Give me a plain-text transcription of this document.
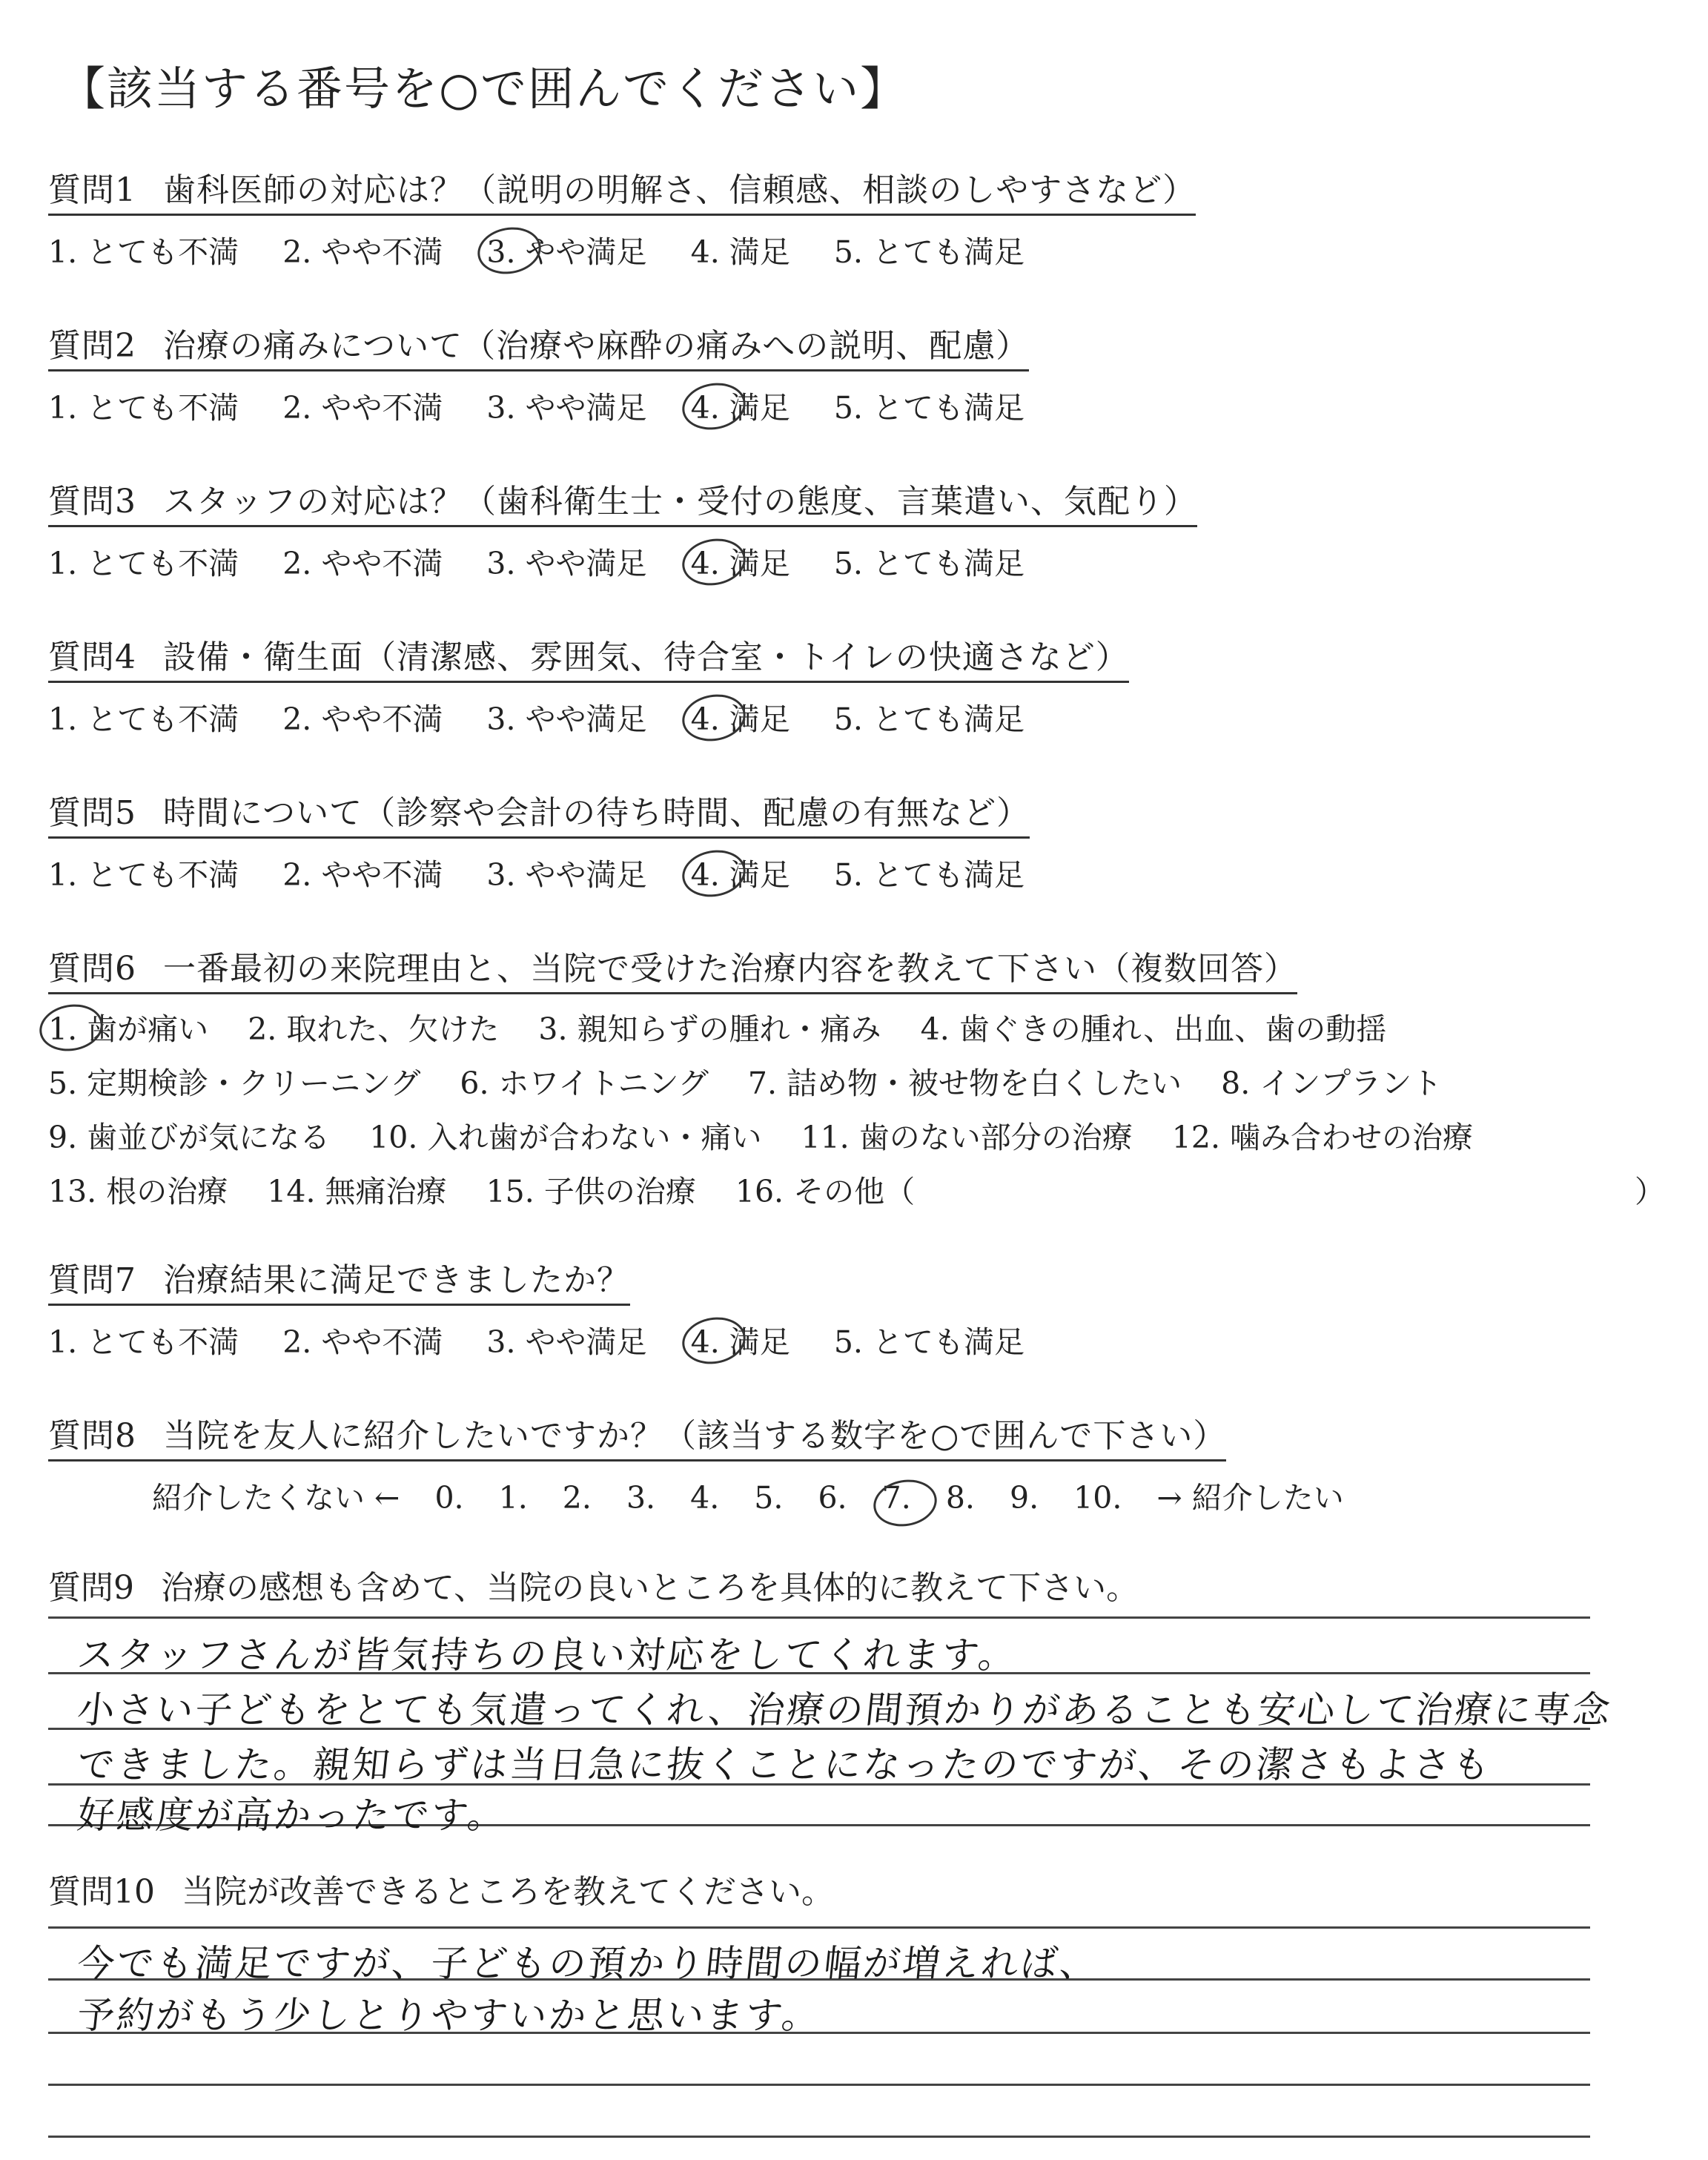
【該当する番号を○で囲んでください】
質問1 歯科医師の対応は？（説明の明解さ、信頼感、相談のしやすさなど）
1. とても不満 2. やや不満 3. やや満足 4. 満足 5. とても満足
質問2 治療の痛みについて（治療や麻酔の痛みへの説明、配慮）
1. とても不満 2. やや不満 3. やや満足 4. 満足 5. とても満足
質問3 スタッフの対応は？（歯科衛生士・受付の態度、言葉遣い、気配り）
1. とても不満 2. やや不満 3. やや満足 4. 満足 5. とても満足
質問4 設備・衛生面（清潔感、雰囲気、待合室・トイレの快適さなど）
1. とても不満 2. やや不満 3. やや満足 4. 満足 5. とても満足
質問5 時間について（診察や会計の待ち時間、配慮の有無など）
1. とても不満 2. やや不満 3. やや満足 4. 満足 5. とても満足
質問6 一番最初の来院理由と、当院で受けた治療内容を教えて下さい（複数回答）
1. 歯が痛い 2. 取れた、欠けた 3. 親知らずの腫れ・痛み 4. 歯ぐきの腫れ、出血、歯の動揺
5. 定期検診・クリーニング 6. ホワイトニング 7. 詰め物・被せ物を白くしたい 8. インプラント
9. 歯並びが気になる 10. 入れ歯が合わない・痛い 11. 歯のない部分の治療 12. 噛み合わせの治療
13. 根の治療 14. 無痛治療 15. 子供の治療 16. その他（	）
質問7 治療結果に満足できましたか？
1. とても不満 2. やや不満 3. やや満足 4. 満足 5. とても満足
質問8 当院を友人に紹介したいですか？（該当する数字を○で囲んで下さい）
紹介したくない ← 0. 1. 2. 3. 4. 5. 6. 7. 8. 9. 10. → 紹介したい
質問9 治療の感想も含めて、当院の良いところを具体的に教えて下さい。
スタッフさんが皆気持ちの良い対応をしてくれます。
小さい子どもをとても気遣ってくれ、治療の間預かりがあることも安心して治療に専念
できました。親知らずは当日急に抜くことになったのですが、その潔さもよさも
好感度が高かったです。
質問10 当院が改善できるところを教えてください。
今でも満足ですが、子どもの預かり時間の幅が増えれば、
予約がもう少しとりやすいかと思います。
